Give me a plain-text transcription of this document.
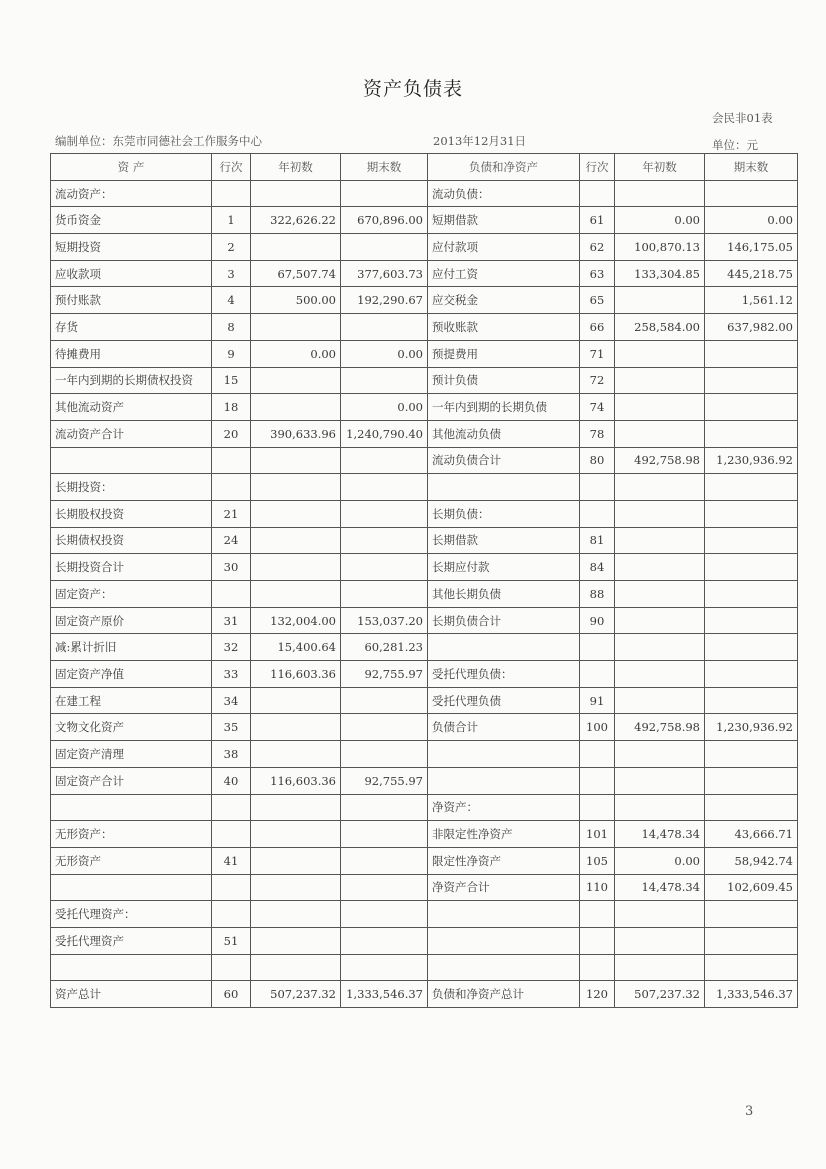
资产负债表
会民非01表
编制单位：东莞市同德社会工作服务中心	2013年12月31日	单位：元
资 产	行次	年初数	期末数	负债和净资产	行次	年初数	期末数
流动资产：				流动负债：			
货币资金	1	322,626.22	670,896.00	短期借款	61	0.00	0.00
短期投资	2			应付款项	62	100,870.13	146,175.05
应收款项	3	67,507.74	377,603.73	应付工资	63	133,304.85	445,218.75
预付账款	4	500.00	192,290.67	应交税金	65		1,561.12
存货	8			预收账款	66	258,584.00	637,982.00
待摊费用	9	0.00	0.00	预提费用	71		
一年内到期的长期债权投资	15			预计负债	72		
其他流动资产	18		0.00	一年内到期的长期负债	74		
流动资产合计	20	390,633.96	1,240,790.40	其他流动负债	78		
				流动负债合计	80	492,758.98	1,230,936.92
长期投资：							
长期股权投资	21			长期负债：			
长期债权投资	24			长期借款	81		
长期投资合计	30			长期应付款	84		
固定资产：				其他长期负债	88		
固定资产原价	31	132,004.00	153,037.20	长期负债合计	90		
减:累计折旧	32	15,400.64	60,281.23				
固定资产净值	33	116,603.36	92,755.97	受托代理负债：			
在建工程	34			受托代理负债	91		
文物文化资产	35			负债合计	100	492,758.98	1,230,936.92
固定资产清理	38						
固定资产合计	40	116,603.36	92,755.97				
				净资产：			
无形资产：				非限定性净资产	101	14,478.34	43,666.71
无形资产	41			限定性净资产	105	0.00	58,942.74
				净资产合计	110	14,478.34	102,609.45
受托代理资产：							
受托代理资产	51						

资产总计	60	507,237.32	1,333,546.37	负债和净资产总计	120	507,237.32	1,333,546.37
3
